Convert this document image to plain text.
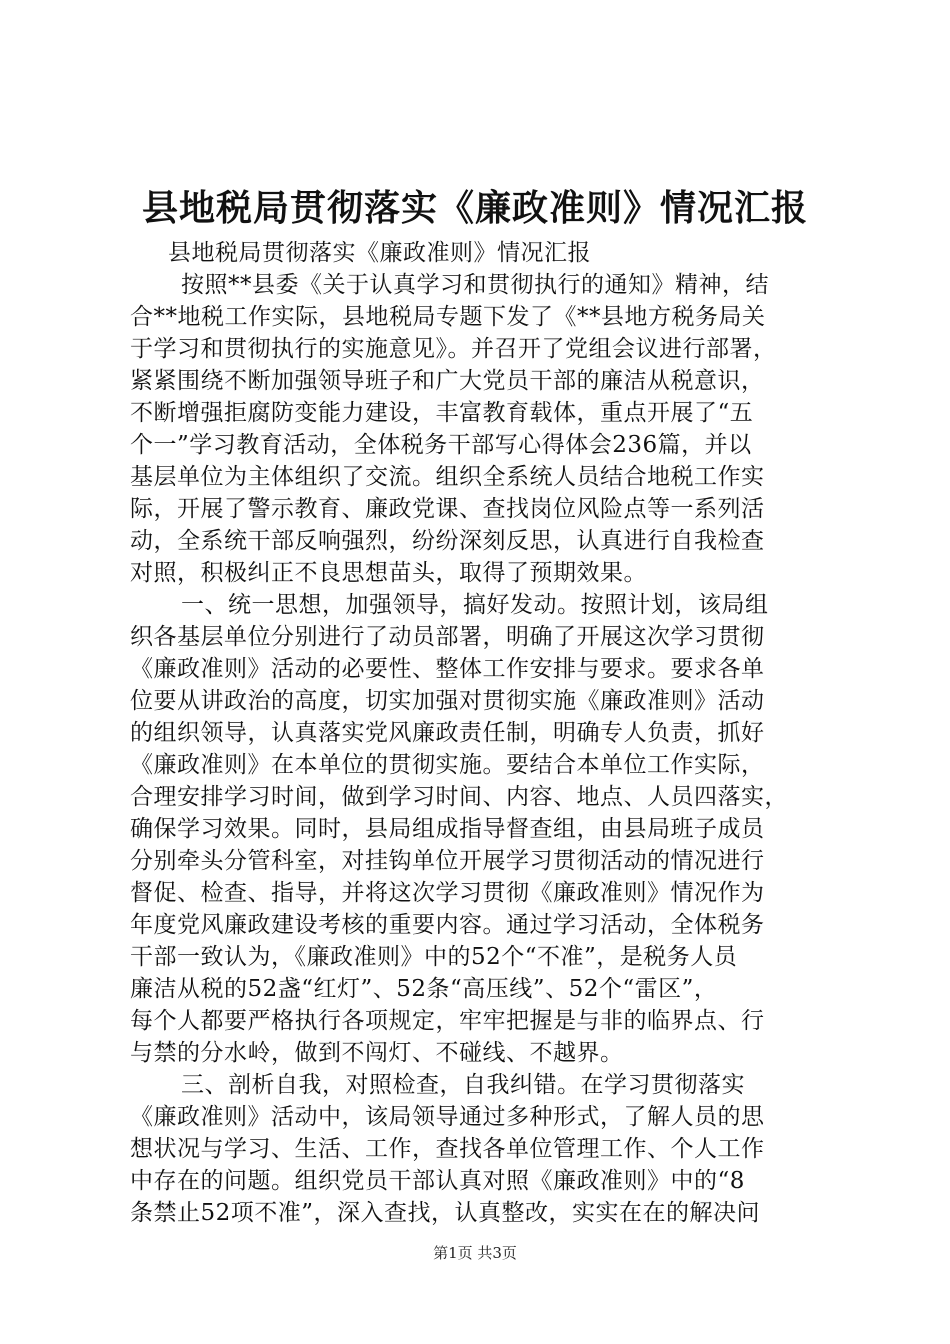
县地税局贯彻落实《廉政准则》情况汇报
县地税局贯彻落实《廉政准则》情况汇报
按照**县委《关于认真学习和贯彻执行的通知》精神，结
合**地税工作实际，县地税局专题下发了《**县地方税务局关
于学习和贯彻执行的实施意见》。并召开了党组会议进行部署，
紧紧围绕不断加强领导班子和广大党员干部的廉洁从税意识，
不断增强拒腐防变能力建设，丰富教育载体，重点开展了“五
个一”学习教育活动，全体税务干部写心得体会236篇，并以
基层单位为主体组织了交流。组织全系统人员结合地税工作实
际，开展了警示教育、廉政党课、查找岗位风险点等一系列活
动，全系统干部反响强烈，纷纷深刻反思，认真进行自我检查
对照，积极纠正不良思想苗头，取得了预期效果。
一、统一思想，加强领导，搞好发动。按照计划，该局组
织各基层单位分别进行了动员部署，明确了开展这次学习贯彻
《廉政准则》活动的必要性、整体工作安排与要求。要求各单
位要从讲政治的高度，切实加强对贯彻实施《廉政准则》活动
的组织领导，认真落实党风廉政责任制，明确专人负责，抓好
《廉政准则》在本单位的贯彻实施。要结合本单位工作实际，
合理安排学习时间，做到学习时间、内容、地点、人员四落实，
确保学习效果。同时，县局组成指导督查组，由县局班子成员
分别牵头分管科室，对挂钩单位开展学习贯彻活动的情况进行
督促、检查、指导，并将这次学习贯彻《廉政准则》情况作为
年度党风廉政建设考核的重要内容。通过学习活动，全体税务
干部一致认为，《廉政准则》中的52个“不准”，是税务人员
廉洁从税的52盏“红灯”、52条“高压线”、52个“雷区”，
每个人都要严格执行各项规定，牢牢把握是与非的临界点、行
与禁的分水岭，做到不闯灯、不碰线、不越界。
三、剖析自我，对照检查，自我纠错。在学习贯彻落实
《廉政准则》活动中，该局领导通过多种形式，了解人员的思
想状况与学习、生活、工作，查找各单位管理工作、个人工作
中存在的问题。组织党员干部认真对照《廉政准则》中的“8
条禁止52项不准”，深入查找，认真整改，实实在在的解决问
第1页 共3页
